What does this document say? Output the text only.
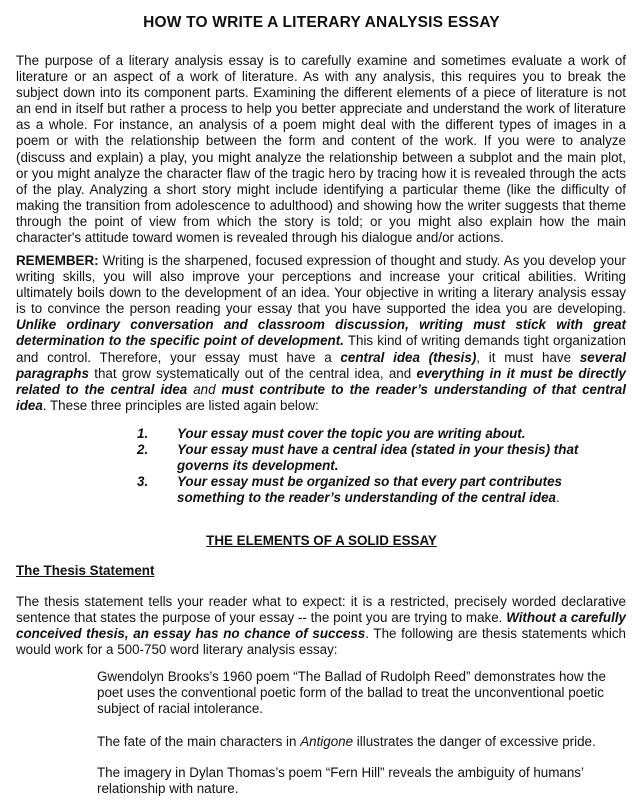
HOW TO WRITE A LITERARY ANALYSIS ESSAY

The purpose of a literary analysis essay is to carefully examine and sometimes evaluate a work of literature or an aspect of a work of literature. As with any analysis, this requires you to break the subject down into its component parts. Examining the different elements of a piece of literature is not an end in itself but rather a process to help you better appreciate and understand the work of literature as a whole. For instance, an analysis of a poem might deal with the different types of images in a poem or with the relationship between the form and content of the work. If you were to analyze (discuss and explain) a play, you might analyze the relationship between a subplot and the main plot, or you might analyze the character flaw of the tragic hero by tracing how it is revealed through the acts of the play. Analyzing a short story might include identifying a particular theme (like the difficulty of making the transition from adolescence to adulthood) and showing how the writer suggests that theme through the point of view from which the story is told; or you might also explain how the main character's attitude toward women is revealed through his dialogue and/or actions.

REMEMBER: Writing is the sharpened, focused expression of thought and study. As you develop your writing skills, you will also improve your perceptions and increase your critical abilities. Writing ultimately boils down to the development of an idea. Your objective in writing a literary analysis essay is to convince the person reading your essay that you have supported the idea you are developing. Unlike ordinary conversation and classroom discussion, writing must stick with great determination to the specific point of development. This kind of writing demands tight organization and control. Therefore, your essay must have a central idea (thesis), it must have several paragraphs that grow systematically out of the central idea, and everything in it must be directly related to the central idea and must contribute to the reader’s understanding of that central idea. These three principles are listed again below:

1.	Your essay must cover the topic you are writing about.
2.	Your essay must have a central idea (stated in your thesis) that governs its development.
3.	Your essay must be organized so that every part contributes something to the reader’s understanding of the central idea.
THE ELEMENTS OF A SOLID ESSAY
The Thesis Statement

The thesis statement tells your reader what to expect: it is a restricted, precisely worded declarative sentence that states the purpose of your essay -- the point you are trying to make. Without a carefully conceived thesis, an essay has no chance of success. The following are thesis statements which would work for a 500-750 word literary analysis essay:

Gwendolyn Brooks’s 1960 poem “The Ballad of Rudolph Reed” demonstrates how the poet uses the conventional poetic form of the ballad to treat the unconventional poetic subject of racial intolerance.

The fate of the main characters in Antigone illustrates the danger of excessive pride.

The imagery in Dylan Thomas’s poem “Fern Hill” reveals the ambiguity of humans’ relationship with nature.
